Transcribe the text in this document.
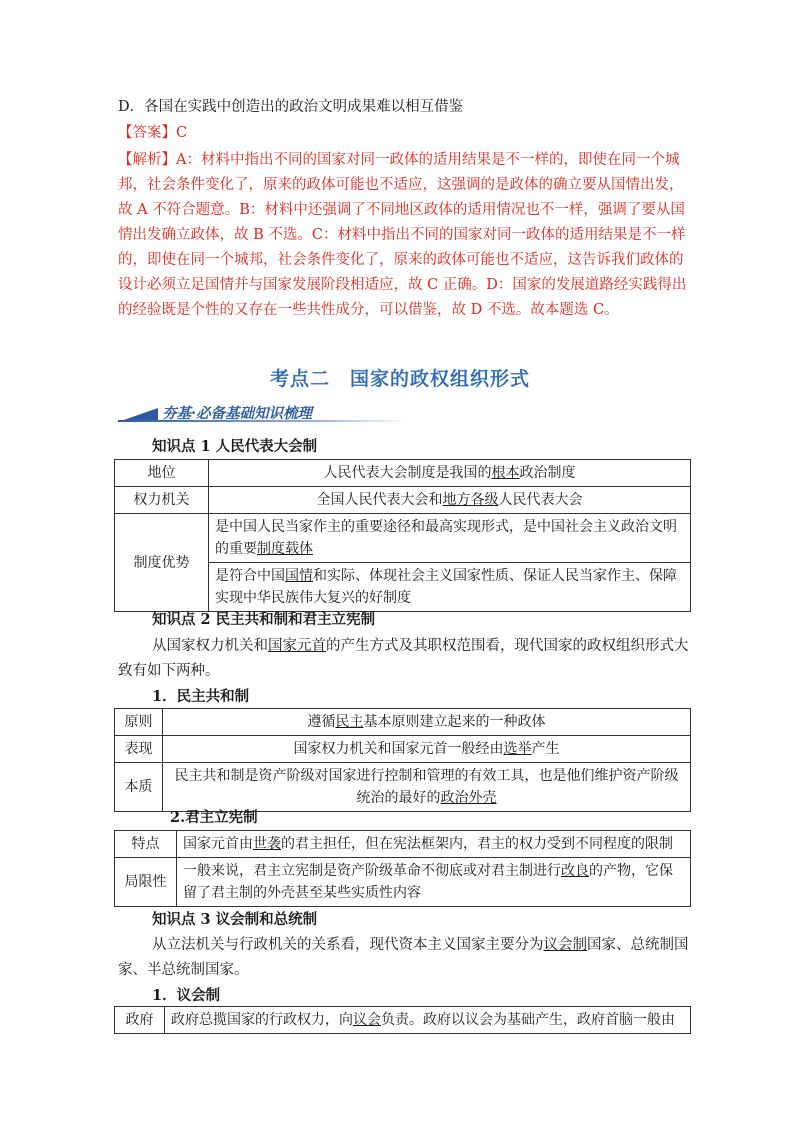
D．各国在实践中创造出的政治文明成果难以相互借鉴
【答案】C
【解析】A：材料中指出不同的国家对同一政体的适用结果是不一样的，即使在同一个城
邦，社会条件变化了，原来的政体可能也不适应，这强调的是政体的确立要从国情出发，
故 A 不符合题意。B：材料中还强调了不同地区政体的适用情况也不一样，强调了要从国
情出发确立政体，故 B 不选。C：材料中指出不同的国家对同一政体的适用结果是不一样
的，即使在同一个城邦，社会条件变化了，原来的政体可能也不适应，这告诉我们政体的
设计必须立足国情并与国家发展阶段相适应，故 C 正确。D：国家的发展道路经实践得出
的经验既是个性的又存在一些共性成分，可以借鉴，故 D 不选。故本题选 C。
考点二　国家的政权组织形式
夯基·必备基础知识梳理
知识点 1 人民代表大会制
地位	人民代表大会制度是我国的根本政治制度
权力机关	全国人民代表大会和地方各级人民代表大会
制度优势	是中国人民当家作主的重要途径和最高实现形式，是中国社会主义政治文明
的重要制度载体
	是符合中国国情和实际、体现社会主义国家性质、保证人民当家作主、保障
实现中华民族伟大复兴的好制度
知识点 2 民主共和制和君主立宪制
从国家权力机关和国家元首的产生方式及其职权范围看，现代国家的政权组织形式大
致有如下两种。
1．民主共和制
原则	遵循民主基本原则建立起来的一种政体
表现	国家权力机关和国家元首一般经由选举产生
本质	民主共和制是资产阶级对国家进行控制和管理的有效工具，也是他们维护资产阶级
统治的最好的政治外壳
2.君主立宪制
特点	国家元首由世袭的君主担任，但在宪法框架内，君主的权力受到不同程度的限制
局限性	一般来说，君主立宪制是资产阶级革命不彻底或对君主制进行改良的产物，它保
留了君主制的外壳甚至某些实质性内容
知识点 3 议会制和总统制
从立法机关与行政机关的关系看，现代资本主义国家主要分为议会制国家、总统制国
家、半总统制国家。
1．议会制
政府	政府总揽国家的行政权力，向议会负责。政府以议会为基础产生，政府首脑一般由
